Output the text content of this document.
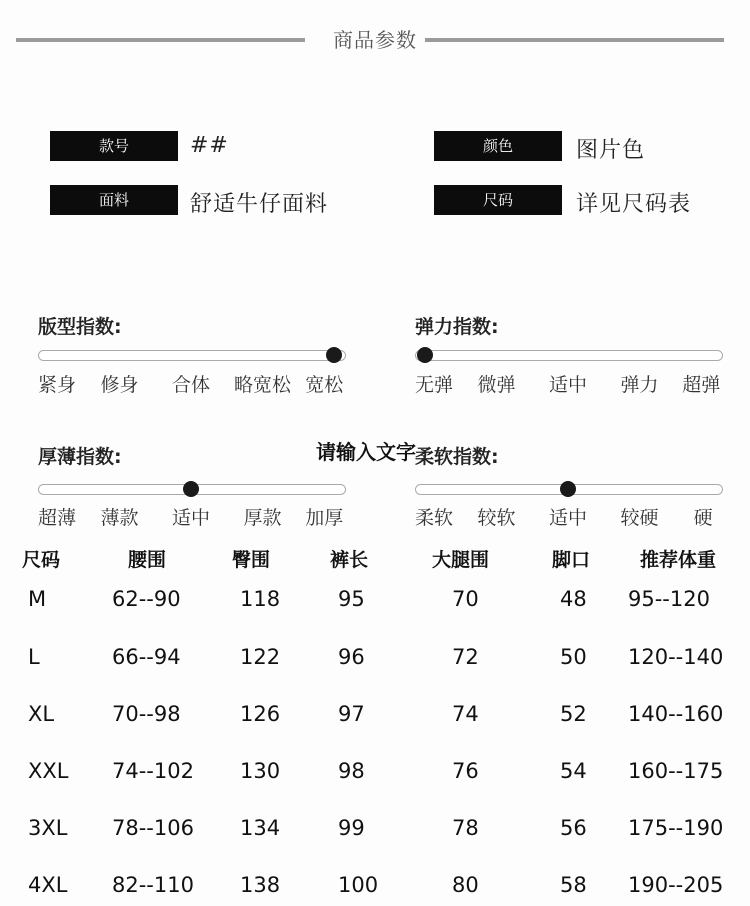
商品参数
款号	##	颜色	图片色
面料	舒适牛仔面料	尺码	详见尺码表
版型指数:
紧身 修身 合体 略宽松 宽松
弹力指数:
无弹 微弹 适中 弹力 超弹
厚薄指数:
超薄 薄款 适中 厚款 加厚
柔软指数:
柔软 较软 适中 较硬 硬
请输入文字
尺码	腰围	臀围	裤长	大腿围	脚口	推荐体重
M	62--90	118	95	70	48 95--120
L	66--94	122	96	72	50 120--140
XL	70--98	126	97	74	52 140--160
XXL 74--102 130	98	76	54 160--175
3XL 78--106 134	99	78	56 175--190
4XL 82--110 138	100	80	58 190--205
